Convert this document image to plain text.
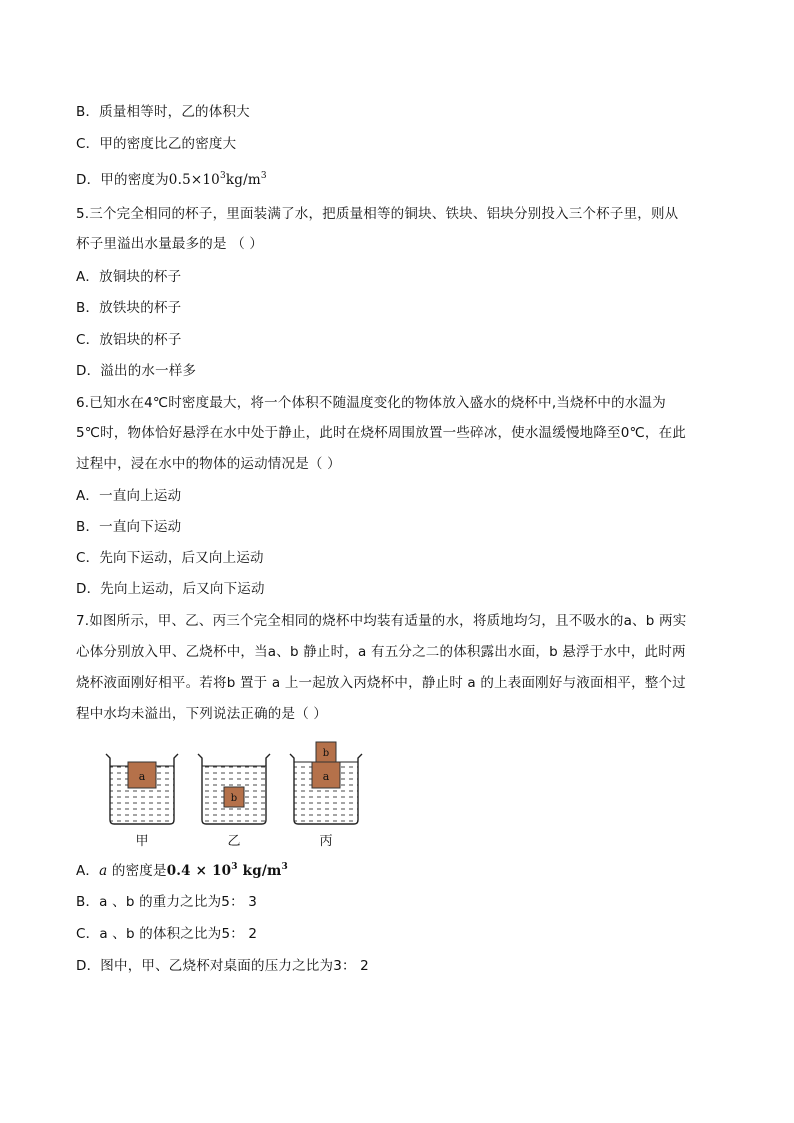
B．质量相等时，乙的体积大
C．甲的密度比乙的密度大
D．甲的密度为$0.5\times 10^3kg/m^3$
5.三个完全相同的杯子，里面装满了水，把质量相等的铜块、铁块、铝块分别投入三个杯子里，则从
杯子里溢出水量最多的是 （ ）
A．放铜块的杯子
B．放铁块的杯子
C．放铝块的杯子
D．溢出的水一样多
6.已知水在4℃时密度最大，将一个体积不随温度变化的物体放入盛水的烧杯中,当烧杯中的水温为
5℃时，物体恰好悬浮在水中处于静止，此时在烧杯周围放置一些碎冰，使水温缓慢地降至0℃，在此
过程中，浸在水中的物体的运动情况是（ ）
A．一直向上运动
B．一直向下运动
C．先向下运动，后又向上运动
D．先向上运动，后又向下运动
7.如图所示，甲、乙、丙三个完全相同的烧杯中均装有适量的水，将质地均匀，且不吸水的a、b 两实
心体分别放入甲、乙烧杯中，当a、b 静止时，a 有五分之二的体积露出水面，b 悬浮于水中，此时两
烧杯液面刚好相平。若将b 置于 a 上一起放入丙烧杯中，静止时 a 的上表面刚好与液面相平，整个过
程中水均未溢出，下列说法正确的是（ ）
a
b
a
b
甲	乙	丙
A．a 的密度是$0.4 \times 10^3$ $kg/m^3$
B．a 、b 的重力之比为5： 3
C．a 、b 的体积之比为5： 2
D．图中，甲、乙烧杯对桌面的压力之比为3： 2
